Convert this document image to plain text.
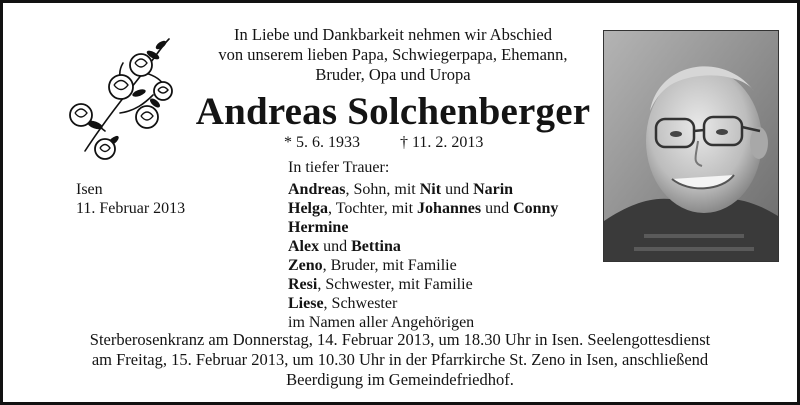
In Liebe und Dankbarkeit nehmen wir Abschied
von unserem lieben Papa, Schwiegerpapa, Ehemann,
Bruder, Opa und Uropa
Andreas Solchenberger
* 5. 6. 1933	† 11. 2. 2013
In tiefer Trauer:
Isen
11. Februar 2013
Andreas, Sohn, mit Nit und Narin
Helga, Tochter, mit Johannes und Conny
Hermine
Alex und Bettina
Zeno, Bruder, mit Familie
Resi, Schwester, mit Familie
Liese, Schwester
im Namen aller Angehörigen
Sterberosenkranz am Donnerstag, 14. Februar 2013, um 18.30 Uhr in Isen. Seelengottesdienst
am Freitag, 15. Februar 2013, um 10.30 Uhr in der Pfarrkirche St. Zeno in Isen, anschließend
Beerdigung im Gemeindefriedhof.
